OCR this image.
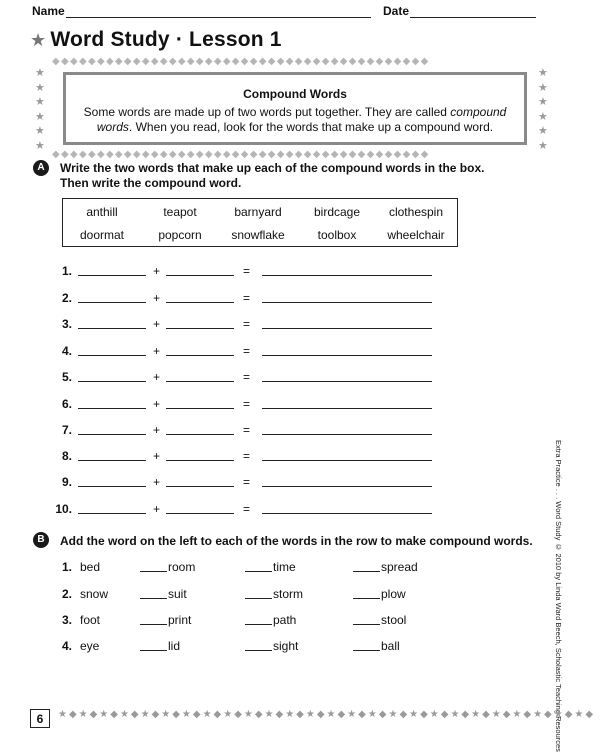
Name	Date
★ Word Study · Lesson 1
★
★
★
★
★
★
★
★
★
★
★
★
◆◆◆◆◆◆◆◆◆◆◆◆◆◆◆◆◆◆◆◆◆◆◆◆◆◆◆◆◆◆◆◆◆◆◆◆◆◆◆◆◆◆
◆◆◆◆◆◆◆◆◆◆◆◆◆◆◆◆◆◆◆◆◆◆◆◆◆◆◆◆◆◆◆◆◆◆◆◆◆◆◆◆◆◆
Compound Words
Some words are made up of two words put together. They are called compound words. When you read, look for the words that make up a compound word.
A	Write the two words that make up each of the compound words in the box.
Then write the compound word.
anthill	teapot	barnyard	birdcage	clothespin
doormat	popcorn	snowflake	toolbox	wheelchair
1.	+	=
2.	+	=
3.	+	=
4.	+	=
5.	+	=
6.	+	=
7.	+	=
8.	+	=
9.	+	=
10.	+	=
B	Add the word on the left to each of the words in the row to make compound words.
1. bed	room	time	spread
2. snow	suit	storm	plow
3. foot	print	path	stool
4. eye	lid	sight	ball	Extra Practice . . . Word Study © 2010 by Linda Ward Beech, Scholastic Teaching Resources
6	★◆★◆★◆★◆★◆★◆★◆★◆★◆★◆★◆★◆★◆★◆★◆★◆★◆★◆★◆★◆★◆★◆★◆★◆★◆★◆
